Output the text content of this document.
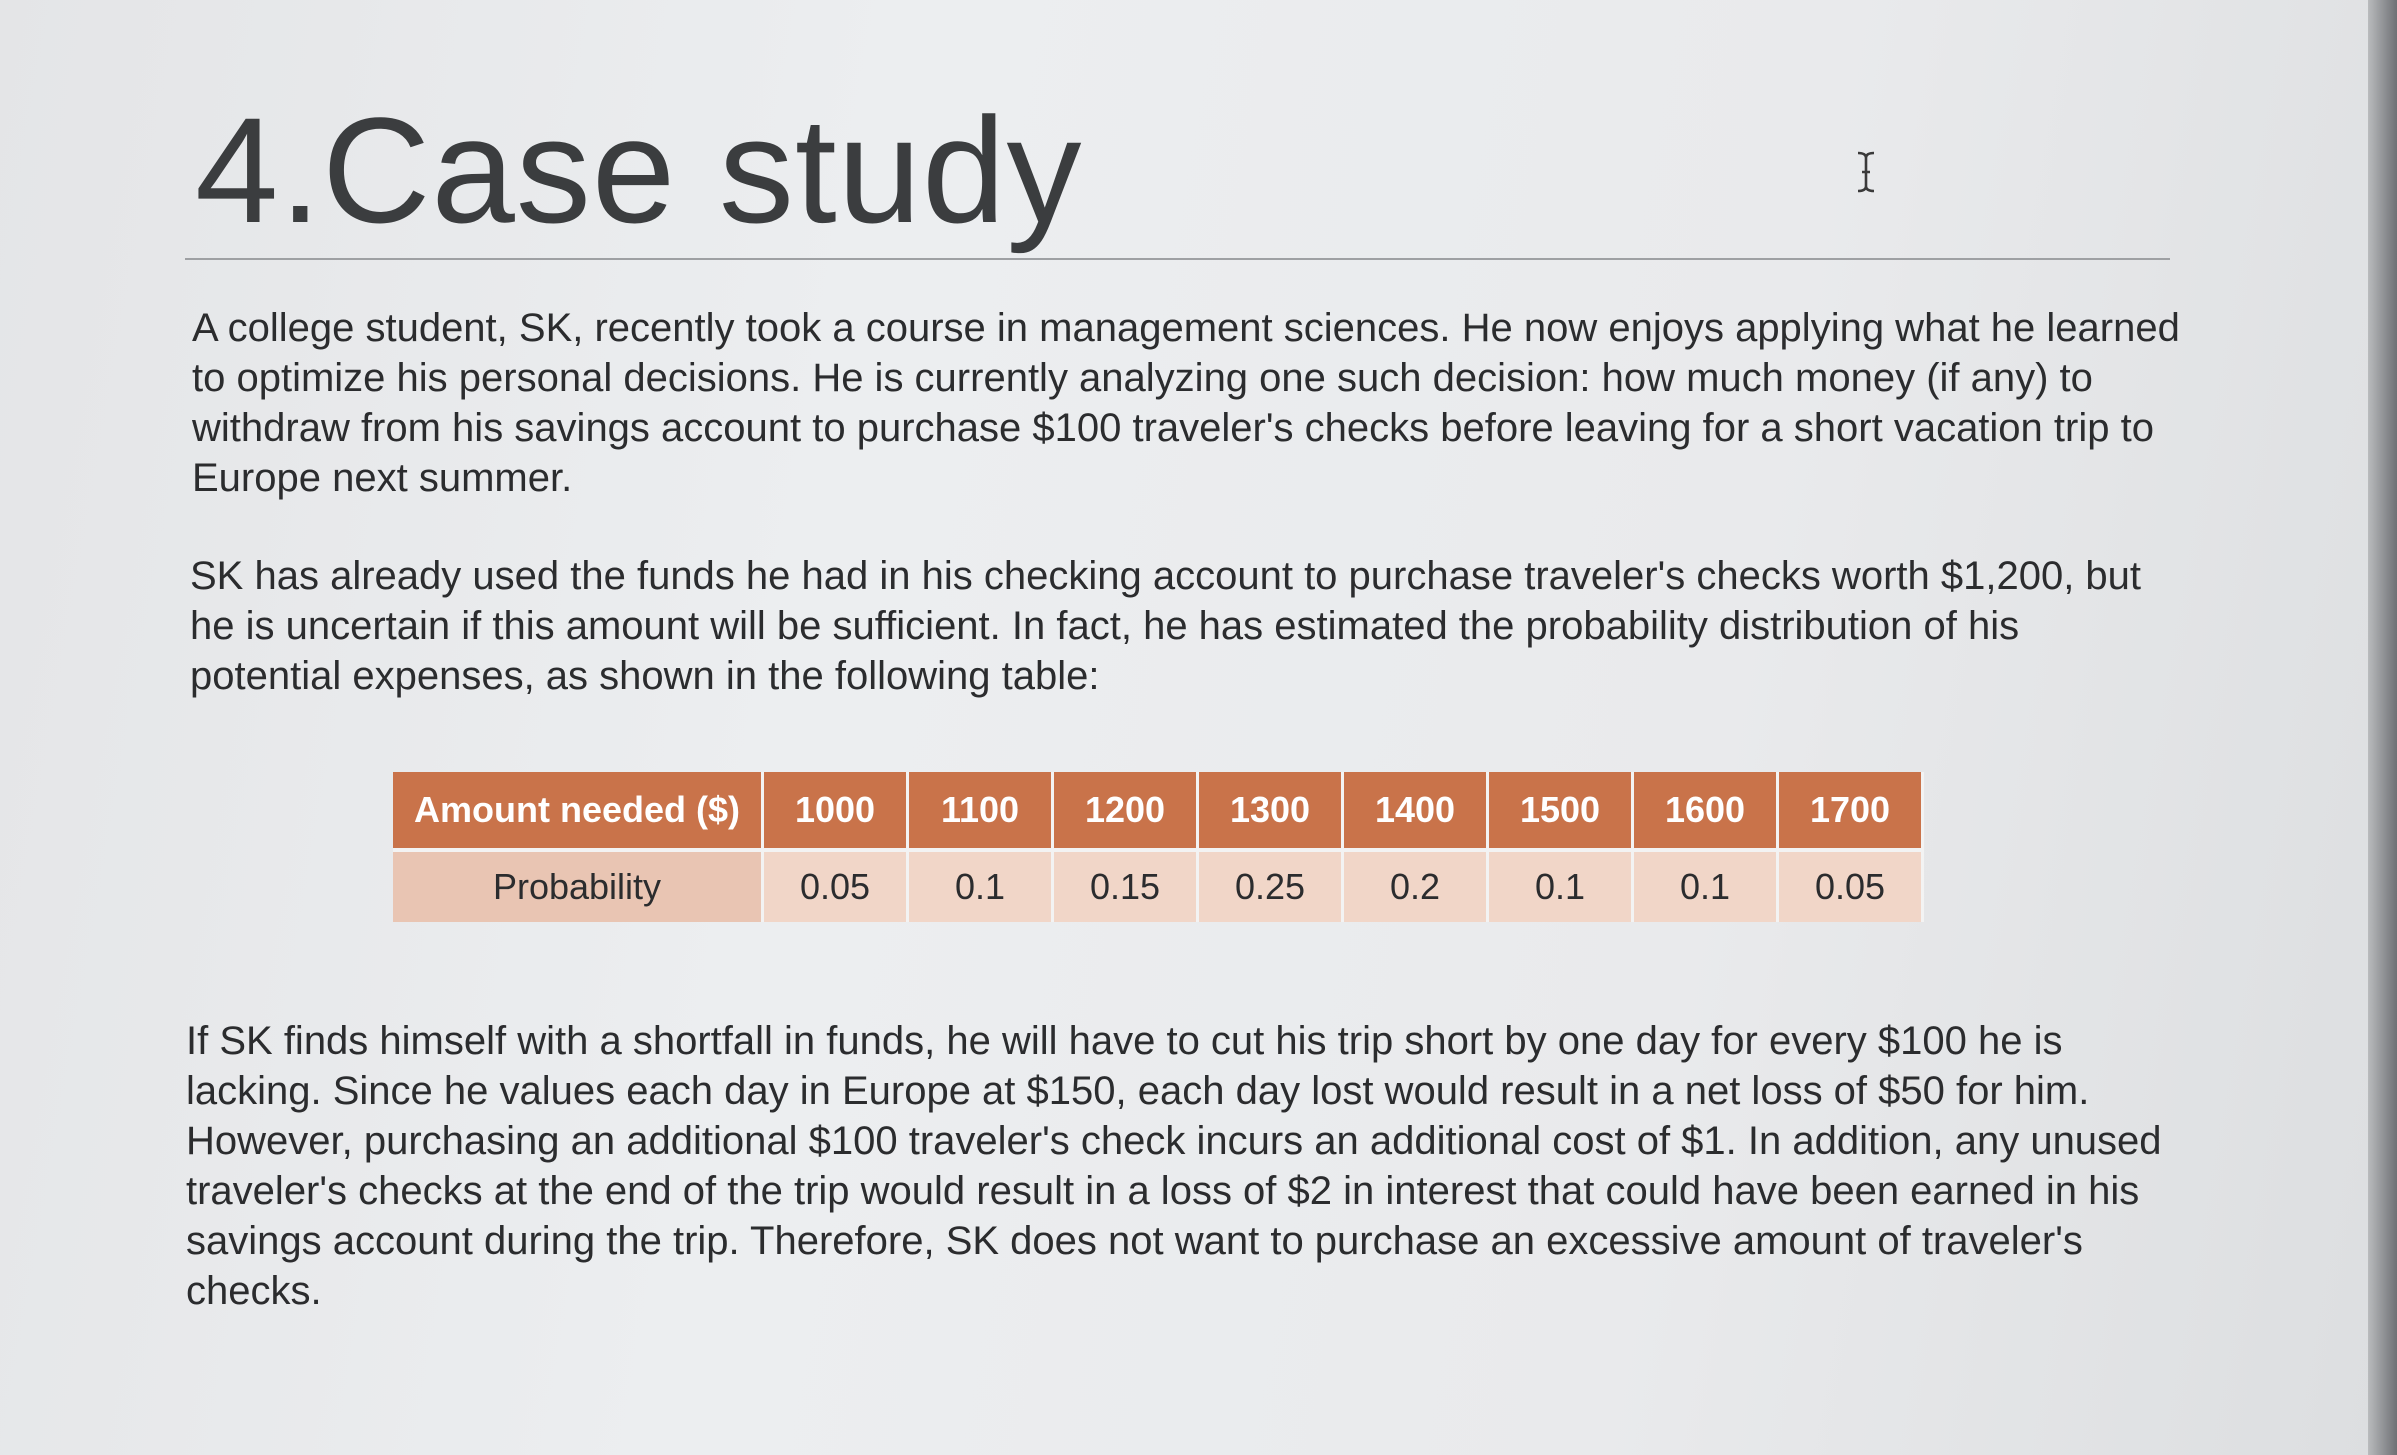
4.Case study

A college student, SK, recently took a course in management sciences. He now enjoys applying what he learned to optimize his personal decisions. He is currently analyzing one such decision: how much money (if any) to withdraw from his savings account to purchase $100 traveler's checks before leaving for a short vacation trip to Europe next summer.

SK has already used the funds he had in his checking account to purchase traveler's checks worth $1,200, but he is uncertain if this amount will be sufficient. In fact, he has estimated the probability distribution of his potential expenses, as shown in the following table:

Amount needed ($)	1000	1100	1200	1300	1400	1500	1600	1700
Probability	0.05	0.1	0.15	0.25	0.2	0.1	0.1	0.05

If SK finds himself with a shortfall in funds, he will have to cut his trip short by one day for every $100 he is lacking. Since he values each day in Europe at $150, each day lost would result in a net loss of $50 for him. However, purchasing an additional $100 traveler's check incurs an additional cost of $1. In addition, any unused traveler's checks at the end of the trip would result in a loss of $2 in interest that could have been earned in his savings account during the trip. Therefore, SK does not want to purchase an excessive amount of traveler's checks.
